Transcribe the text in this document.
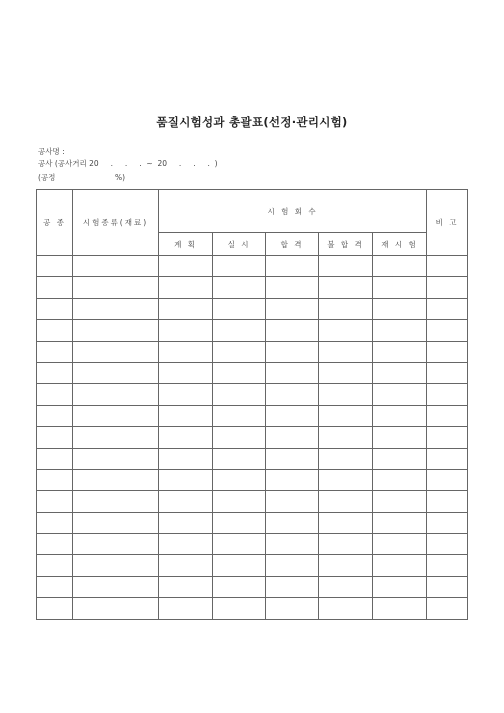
품질시험성과 총괄표(선정·관리시험)
공사명 :
공사 (공사거리 20     .     .     .  ~  20     .     .     .  )
(공정                         %)
공 종	시험종류(재료)	시 험 회 수					비 고
		계 획	실 시	합 격	불 합 격	재 시 험	
